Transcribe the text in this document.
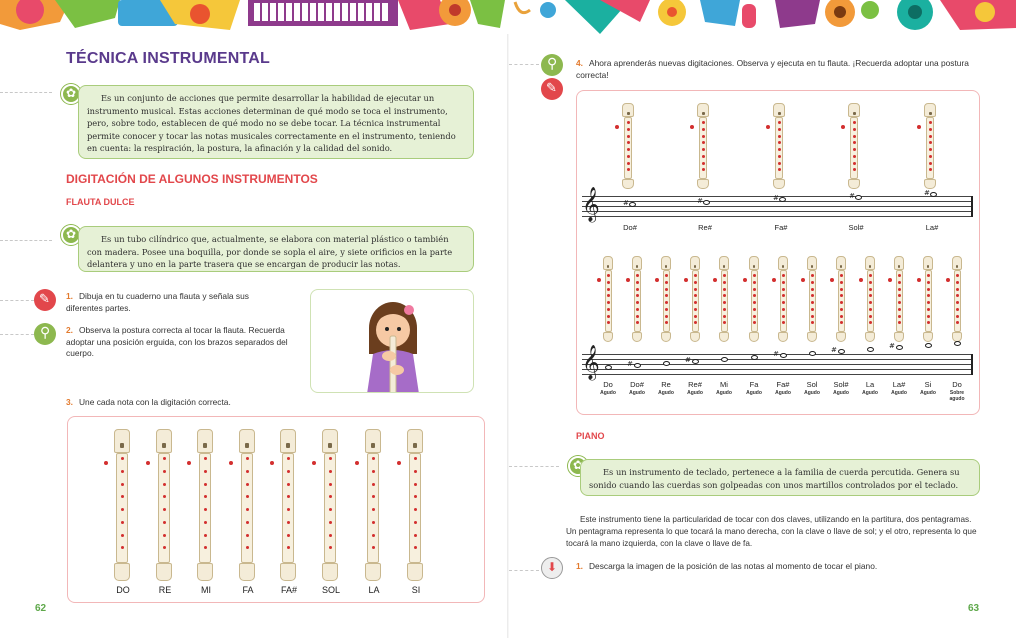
TÉCNICA INSTRUMENTAL
✿

Es un conjunto de acciones que permite desarrollar la habilidad de ejecutar un instrumento musical. Estas acciones determinan de qué modo se toca el instrumento, pero, sobre todo, establecen de qué modo no se debe tocar. La técnica instrumental permite conocer y tocar las notas musicales correctamente en el instrumento, teniendo en cuenta: la respiración, la postura, la afinación y la calidad del sonido.

DIGITACIÓN DE ALGUNOS INSTRUMENTOS
FLAUTA DULCE
✿

Es un tubo cilíndrico que, actualmente, se elabora con material plástico o también con madera. Posee una boquilla, por donde se sopla el aire, y siete orificios en la parte delantera y uno en la parte trasera que se encargan de producir las notas.

✎
1. Dibuja en tu cuaderno una flauta y señala sus diferentes partes.
⚲
2. Observa la postura correcta al tocar la flauta. Recuerda adoptar una posición erguida, con los brazos separados del cuerpo.
3. Une cada nota con la digitación correcta.
DO	RE	MI	FA	FA#	SOL	LA	SI
62
⚲
✎
4. Ahora aprenderás nuevas digitaciones. Observa y ejecuta en tu flauta. ¡Recuerda adoptar una postura correcta!
𝄞	#	#	#	#	#
Do#	Re#	Fa#	Sol#	La#
𝄞	#	#
#	#	#
Do
Agudo
Do#
Agudo
Re
Agudo
Re#
Agudo
Mi
Agudo
Fa
Agudo
Fa#
Agudo
Sol
Agudo
Sol#
Agudo
La
Agudo
La#
Agudo
Si
Agudo
Do
Sobre agudo
PIANO
✿

Es un instrumento de teclado, pertenece a la familia de cuerda percutida. Genera su sonido cuando las cuerdas son golpeadas con unos martillos controlados por el teclado.

Este instrumento tiene la particularidad de tocar con dos claves, utilizando en la partitura, dos pentagramas. Un pentagrama representa lo que tocará la mano derecha, con la clave o llave de sol; y el otro, representa lo que tocará la mano izquierda, con la clave o llave de fa.
⬇ 1. Descarga la imagen de la posición de las notas al momento de tocar el piano.
63
